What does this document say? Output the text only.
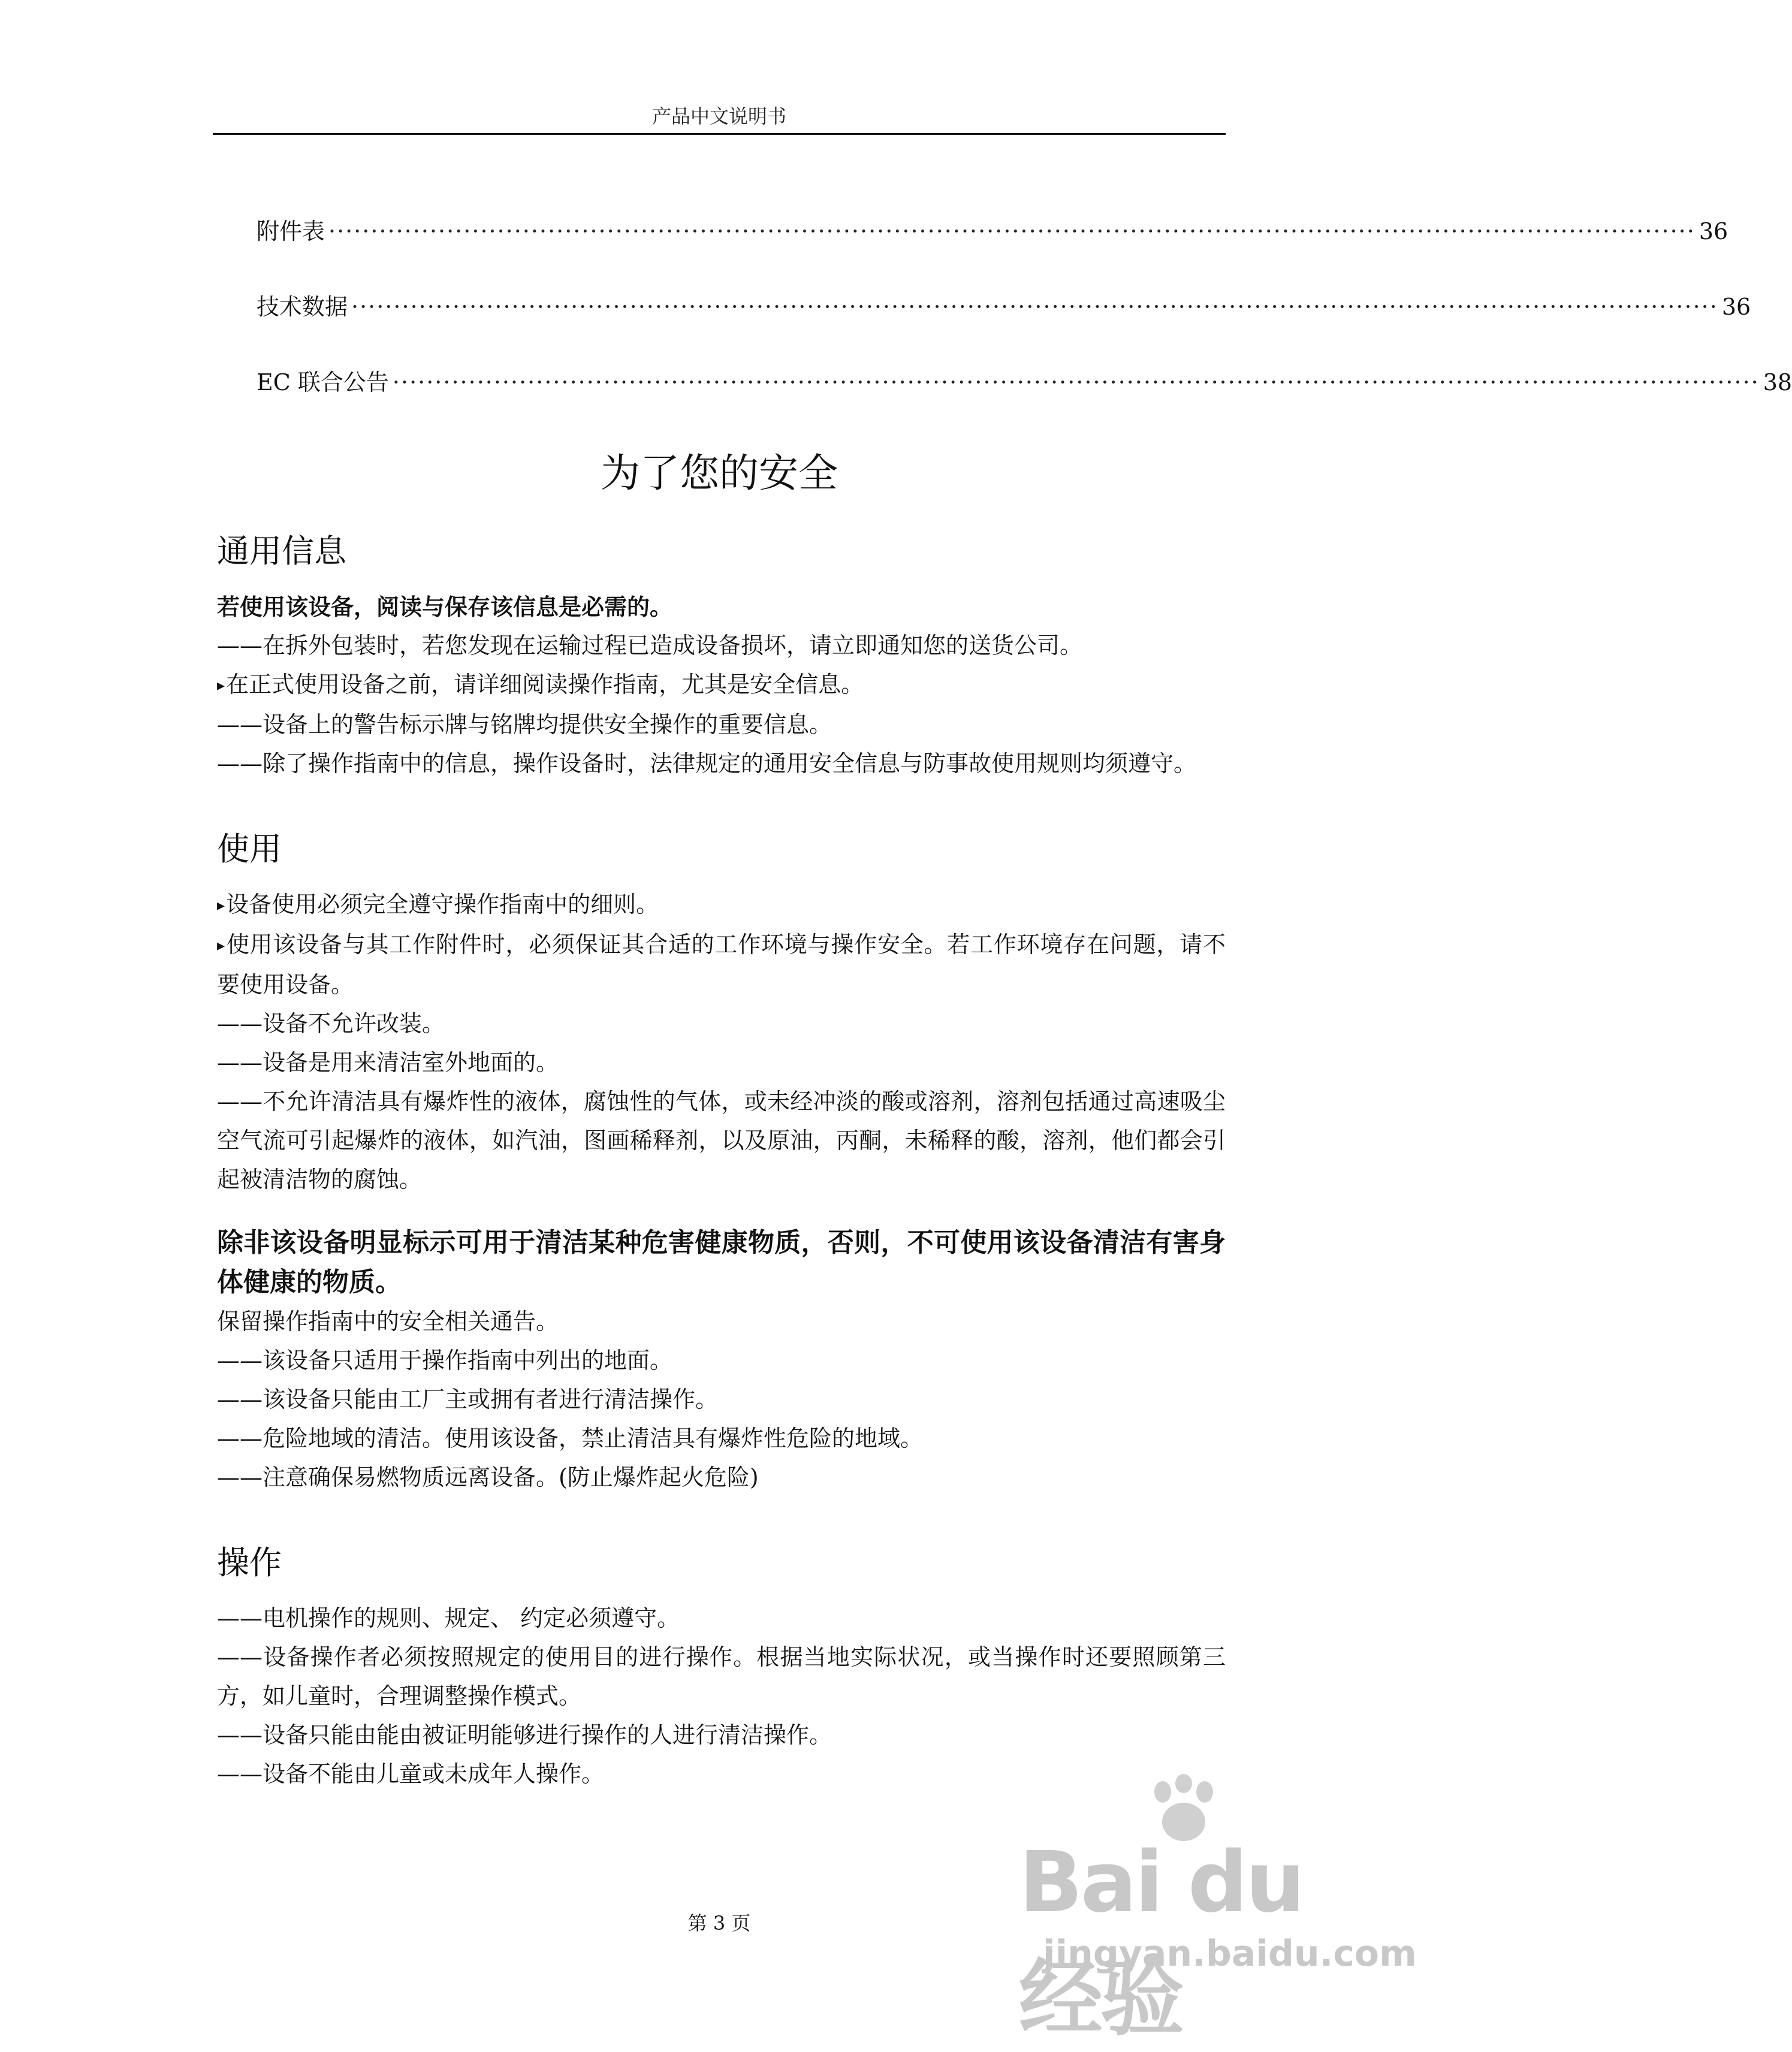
产品中文说明书
附件表 ·································································································································································· 36
技术数据 ·································································································································································· 36
EC 联合公告 ·································································································································································· 38
为了您的安全
通用信息

若使用该设备，阅读与保存该信息是必需的。

——在拆外包装时，若您发现在运输过程已造成设备损坏，请立即通知您的送货公司。

▸在正式使用设备之前，请详细阅读操作指南，尤其是安全信息。

——设备上的警告标示牌与铭牌均提供安全操作的重要信息。

——除了操作指南中的信息，操作设备时，法律规定的通用安全信息与防事故使用规则均须遵守。

使用

▸设备使用必须完全遵守操作指南中的细则。

▸使用该设备与其工作附件时，必须保证其合适的工作环境与操作安全。若工作环境存在问题，请不要使用设备。

——设备不允许改装。

——设备是用来清洁室外地面的。

——不允许清洁具有爆炸性的液体，腐蚀性的气体，或未经冲淡的酸或溶剂，溶剂包括通过高速吸尘空气流可引起爆炸的液体，如汽油，图画稀释剂，以及原油，丙酮，未稀释的酸，溶剂，他们都会引起被清洁物的腐蚀。

除非该设备明显标示可用于清洁某种危害健康物质，否则，不可使用该设备清洁有害身体健康的物质。

保留操作指南中的安全相关通告。

——该设备只适用于操作指南中列出的地面。

——该设备只能由工厂主或拥有者进行清洁操作。

——危险地域的清洁。使用该设备，禁止清洁具有爆炸性危险的地域。

——注意确保易燃物质远离设备。(防止爆炸起火危险)

操作

——电机操作的规则、规定、 约定必须遵守。

——设备操作者必须按照规定的使用目的进行操作。根据当地实际状况，或当操作时还要照顾第三方，如儿童时，合理调整操作模式。

——设备只能由能由被证明能够进行操作的人进行清洁操作。

——设备不能由儿童或未成年人操作。

第 3 页	Bai du 经验
jingyan.baidu.com
